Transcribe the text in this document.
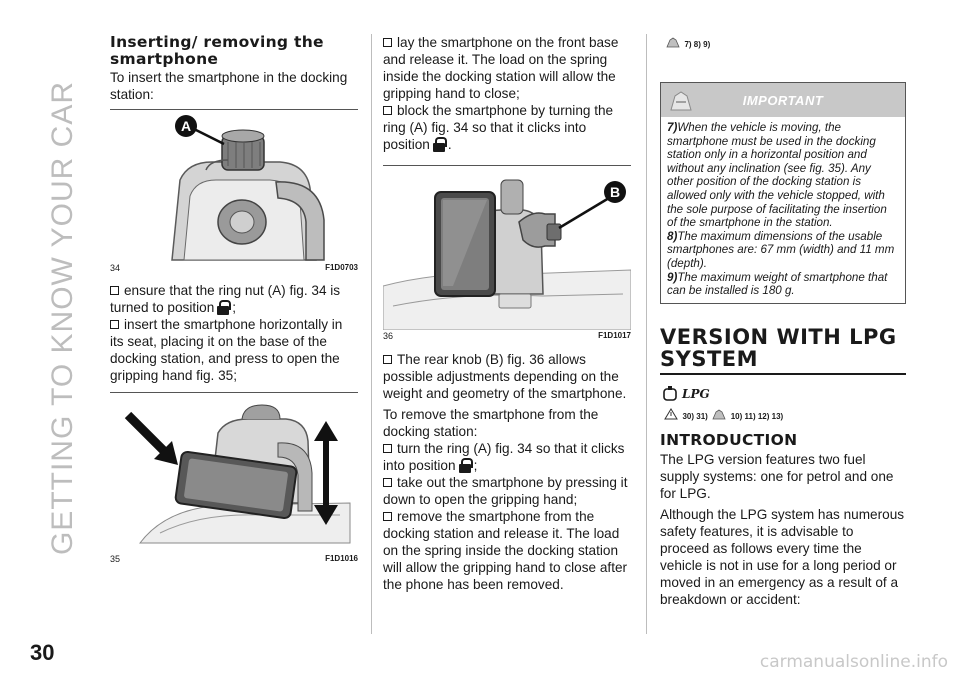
GETTING TO KNOW YOUR CAR
30	carmanualsonline.info
Inserting/ removing the smartphone

To insert the smartphone in the docking station:

A
34	F1D0703
ensure that the ring nut (A) fig. 34 is turned to position ;
insert the smartphone horizontally in its seat, placing it on the base of the docking station, and press to open the gripping hand fig. 35;
35	F1D1016
lay the smartphone on the front base and release it. The load on the spring inside the docking station will allow the gripping hand to close;
block the smartphone by turning the ring (A) fig. 34 so that it clicks into position .
B
36	F1D1017
The rear knob (B) fig. 36 allows possible adjustments depending on the weight and geometry of the smartphone.

To remove the smartphone from the docking station:

turn the ring (A) fig. 34 so that it clicks into position ;
take out the smartphone by pressing it down to open the gripping hand;
remove the smartphone from the docking station and release it. The load on the spring inside the docking station will allow the gripping hand to close after the phone has been removed.
7) 8) 9)
IMPORTANT
7)When the vehicle is moving, the smartphone must be used in the docking station only in a horizontal position and without any inclination (see fig. 35). Any other position of the docking station is allowed only with the vehicle stopped, with the sole purpose of facilitating the insertion of the smartphone in the station.
8)The maximum dimensions of the usable smartphones are: 67 mm (width) and 11 mm (depth).
9)The maximum weight of smartphone that can be installed is 180 g.
VERSION WITH LPG SYSTEM
LPG
30) 31)	10) 11) 12) 13)
INTRODUCTION

The LPG version features two fuel supply systems: one for petrol and one for LPG.

Although the LPG system has numerous safety features, it is advisable to proceed as follows every time the vehicle is not in use for a long period or moved in an emergency as a result of a breakdown or accident:
